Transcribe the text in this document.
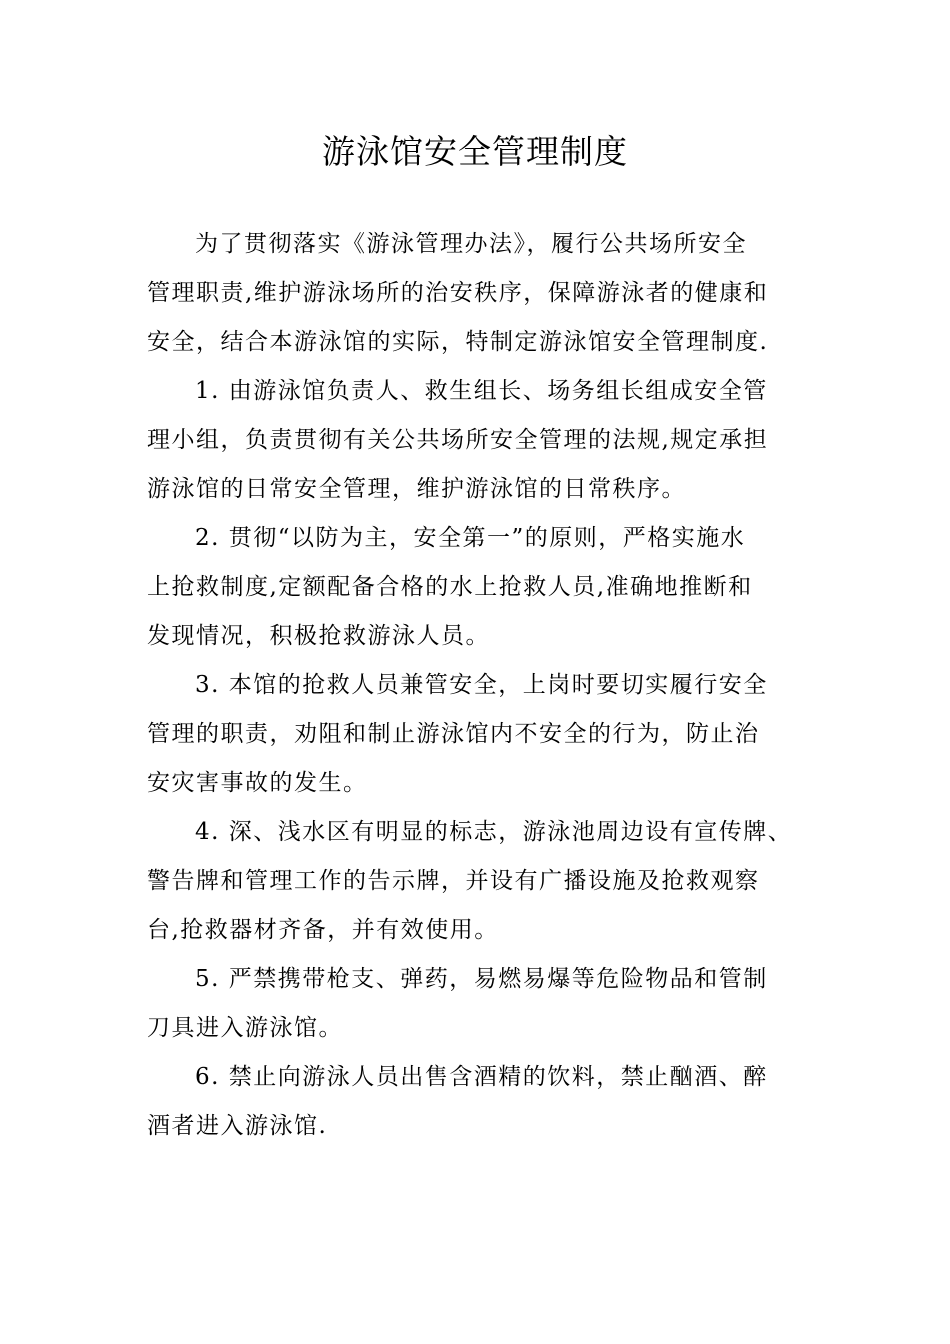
游泳馆安全管理制度
为了贯彻落实《游泳管理办法》，履行公共场所安全
管理职责,维护游泳场所的治安秩序，保障游泳者的健康和
安全，结合本游泳馆的实际，特制定游泳馆安全管理制度.
1. 由游泳馆负责人、救生组长、场务组长组成安全管
理小组，负责贯彻有关公共场所安全管理的法规,规定承担
游泳馆的日常安全管理，维护游泳馆的日常秩序。
2. 贯彻“以防为主，安全第一”的原则，严格实施水
上抢救制度,定额配备合格的水上抢救人员,准确地推断和
发现情况，积极抢救游泳人员。
3. 本馆的抢救人员兼管安全，上岗时要切实履行安全
管理的职责，劝阻和制止游泳馆内不安全的行为，防止治
安灾害事故的发生。
4. 深、浅水区有明显的标志，游泳池周边设有宣传牌、
警告牌和管理工作的告示牌，并设有广播设施及抢救观察
台,抢救器材齐备，并有效使用。
5. 严禁携带枪支、弹药，易燃易爆等危险物品和管制
刀具进入游泳馆。
6. 禁止向游泳人员出售含酒精的饮料，禁止酗酒、醉
酒者进入游泳馆.
